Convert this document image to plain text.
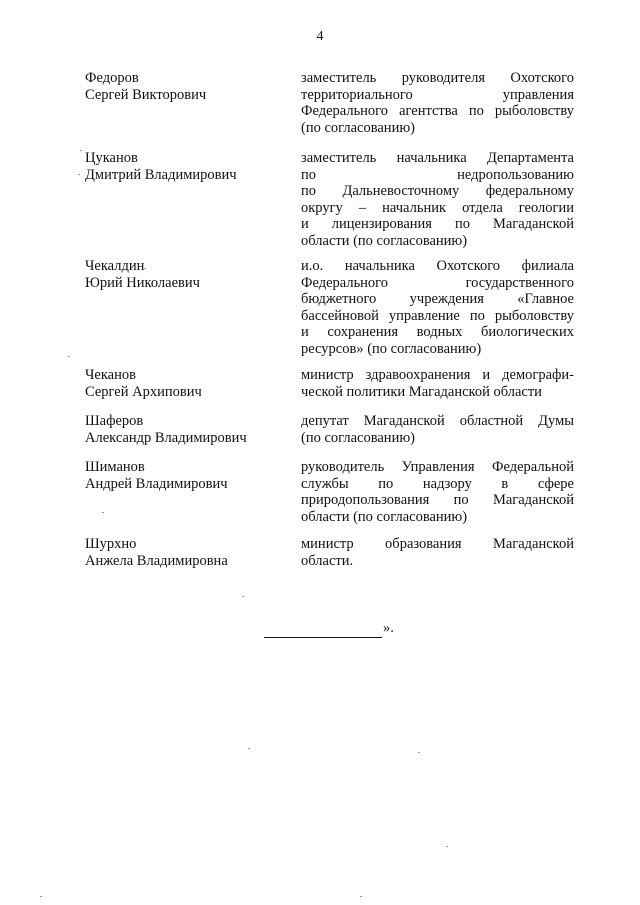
4
Федоров
Сергей Викторович
заместитель руководителя Охотского
территориального управления
Федерального агентства по рыболовству
(по согласованию)
Цуканов
Дмитрий Владимирович
заместитель начальника Департамента
по недропользованию
по Дальневосточному федеральному
округу – начальник отдела геологии
и лицензирования по Магаданской
области (по согласованию)
Чекалдин
Юрий Николаевич
и.о. начальника Охотского филиала
Федерального государственного
бюджетного учреждения «Главное
бассейновой управление по рыболовству
и сохранения водных биологических
ресурсов» (по согласованию)
Чеканов
Сергей Архипович
министр здравоохранения и демографи-
ческой политики Магаданской области
Шаферов
Александр Владимирович
депутат Магаданской областной Думы
(по согласованию)
Шиманов
Андрей Владимирович
руководитель Управления Федеральной
службы по надзору в сфере
природопользования по Магаданской
области (по согласованию)
Шурхно
Анжела Владимировна
министр образования Магаданской
области.
».
